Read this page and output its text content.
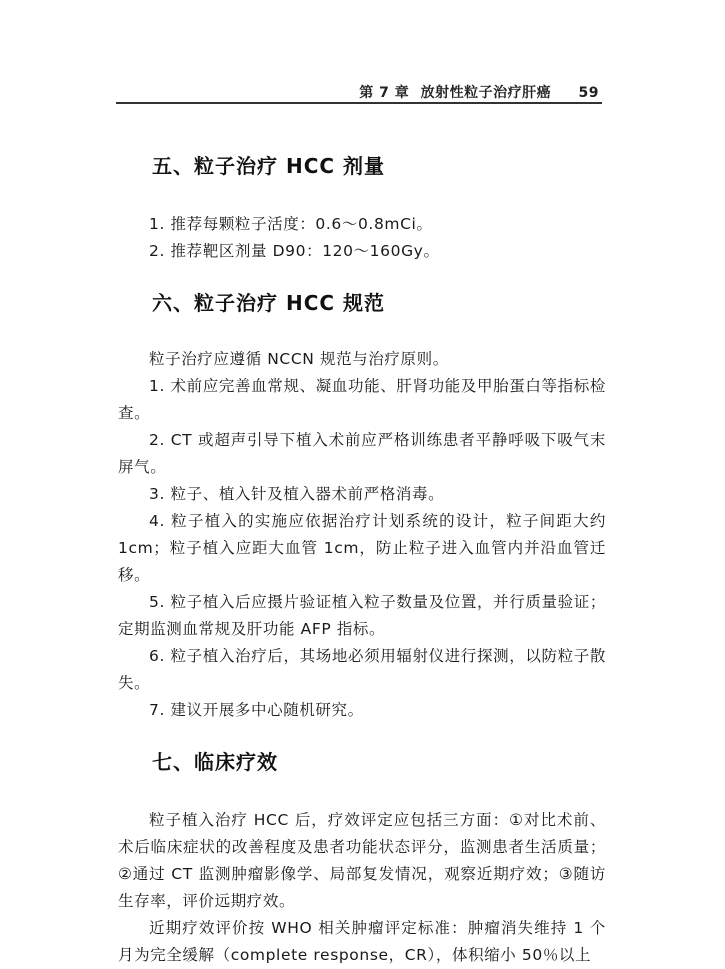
第 7 章 放射性粒子治疗肝癌 59
五、粒子治疗 HCC 剂量

1. 推荐每颗粒子活度：0.6～0.8mCi。

2. 推荐靶区剂量 D90：120～160Gy。

六、粒子治疗 HCC 规范

粒子治疗应遵循 NCCN 规范与治疗原则。

1. 术前应完善血常规、凝血功能、肝肾功能及甲胎蛋白等指标检查。

2. CT 或超声引导下植入术前应严格训练患者平静呼吸下吸气末屏气。

3. 粒子、植入针及植入器术前严格消毒。

4. 粒子植入的实施应依据治疗计划系统的设计，粒子间距大约 1cm；粒子植入应距大血管 1cm，防止粒子进入血管内并沿血管迁移。

5. 粒子植入后应摄片验证植入粒子数量及位置，并行质量验证；定期监测血常规及肝功能 AFP 指标。

6. 粒子植入治疗后，其场地必须用辐射仪进行探测，以防粒子散失。

7. 建议开展多中心随机研究。

七、临床疗效

粒子植入治疗 HCC 后，疗效评定应包括三方面：①对比术前、术后临床症状的改善程度及患者功能状态评分，监测患者生活质量；②通过 CT 监测肿瘤影像学、局部复发情况，观察近期疗效；③随访生存率，评价远期疗效。

近期疗效评价按 WHO 相关肿瘤评定标准：肿瘤消失维持 1 个月为完全缓解（complete response，CR），体积缩小 50％以上
